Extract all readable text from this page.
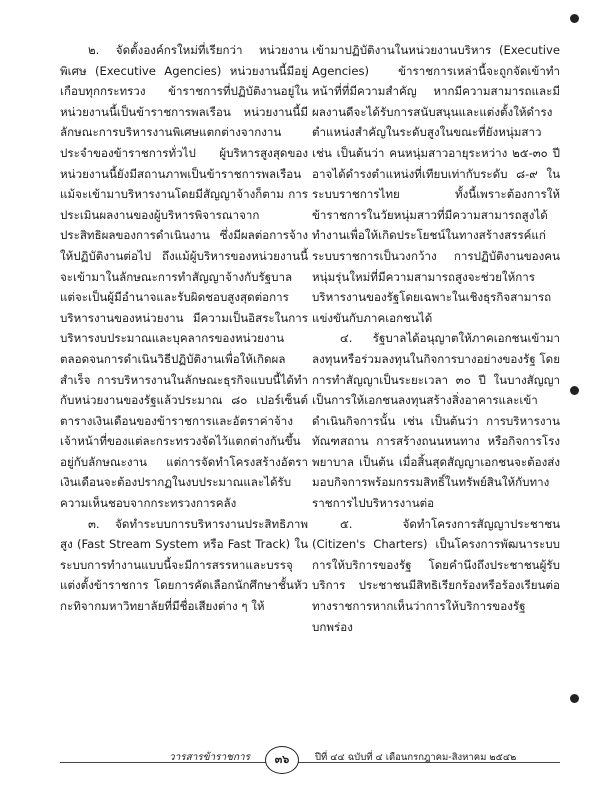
๒. จัดตั้งองค์กรใหม่ที่เรียกว่า หน่วยงานพิเศษ (Executive Agencies) หน่วยงานนี้มีอยู่เกือบทุกกระทรวง ข้าราชการที่ปฏิบัติงานอยู่ในหน่วยงานนี้เป็นข้าราชการพลเรือน หน่วยงานนี้มีลักษณะการบริหารงานพิเศษแตกต่างจากงานประจำของข้าราชการทั่วไป ผู้บริหารสูงสุดของหน่วยงานนี้ยังมีสถานภาพเป็นข้าราชการพลเรือน แม้จะเข้ามาบริหารงานโดยมีสัญญาจ้างก็ตาม การประเมินผลงานของผู้บริหารพิจารณาจากประสิทธิผลของการดำเนินงาน ซึ่งมีผลต่อการจ้างให้ปฏิบัติงานต่อไป ถึงแม้ผู้บริหารของหน่วยงานนี้จะเข้ามาในลักษณะการทำสัญญาจ้างกับรัฐบาล แต่จะเป็นผู้มีอำนาจและรับผิดชอบสูงสุดต่อการบริหารงานของหน่วยงาน มีความเป็นอิสระในการบริหารงบประมาณและบุคลากรของหน่วยงาน ตลอดจนการดำเนินวิธีปฏิบัติงานเพื่อให้เกิดผลสำเร็จ การบริหารงานในลักษณะธุรกิจแบบนี้ได้ทำกับหน่วยงานของรัฐแล้วประมาณ ๘๐ เปอร์เซ็นต์ ตารางเงินเดือนของข้าราชการและอัตราค่าจ้างเจ้าหน้าที่ของแต่ละกระทรวงจัดไว้แตกต่างกันขึ้นอยู่กับลักษณะงาน แต่การจัดทำโครงสร้างอัตราเงินเดือนจะต้องปรากฏในงบประมาณและได้รับความเห็นชอบจากกระทรวงการคลัง

๓. จัดทำระบบการบริหารงานประสิทธิภาพสูง (Fast Stream System หรือ Fast Track) ในระบบการทำงานแบบนี้จะมีการสรรหาและบรรจุแต่งตั้งข้าราชการ โดยการคัดเลือกนักศึกษาชั้นหัวกะทิจากมหาวิทยาลัยที่มีชื่อเสียงต่าง ๆ ให้

เข้ามาปฏิบัติงานในหน่วยงานบริหาร (Executive Agencies) ข้าราชการเหล่านี้จะถูกจัดเข้าทำหน้าที่ที่มีความสำคัญ หากมีความสามารถและมีผลงานดีจะได้รับการสนับสนุนและแต่งตั้งให้ดำรงตำแหน่งสำคัญในระดับสูงในขณะที่ยังหนุ่มสาว เช่น เป็นต้นว่า คนหนุ่มสาวอายุระหว่าง ๒๕-๓๐ ปี อาจได้ดำรงตำแหน่งที่เทียบเท่ากับระดับ ๘-๙ ในระบบราชการไทย ทั้งนี้เพราะต้องการให้ข้าราชการในวัยหนุ่มสาวที่มีความสามารถสูงได้ทำงานเพื่อให้เกิดประโยชน์ในทางสร้างสรรค์แก่ระบบราชการเป็นวงกว้าง การปฏิบัติงานของคนหนุ่มรุ่นใหม่ที่มีความสามารถสูงจะช่วยให้การบริหารงานของรัฐโดยเฉพาะในเชิงธุรกิจสามารถแข่งขันกับภาคเอกชนได้

๔. รัฐบาลได้อนุญาตให้ภาคเอกชนเข้ามาลงทุนหรือร่วมลงทุนในกิจการบางอย่างของรัฐ โดยการทำสัญญาเป็นระยะเวลา ๓๐ ปี ในบางสัญญาเป็นการให้เอกชนลงทุนสร้างสิ่งอาคารและเข้าดำเนินกิจการนั้น เช่น เป็นต้นว่า การบริหารงานทัณฑสถาน การสร้างถนนหนทาง หรือกิจการโรงพยาบาล เป็นต้น เมื่อสิ้นสุดสัญญาเอกชนจะต้องส่งมอบกิจการพร้อมกรรมสิทธิ์ในทรัพย์สินให้กับทางราชการไปบริหารงานต่อ

๕. จัดทำโครงการสัญญาประชาชน (Citizen's Charters) เป็นโครงการพัฒนาระบบการให้บริการของรัฐ โดยคำนึงถึงประชาชนผู้รับบริการ ประชาชนมีสิทธิเรียกร้องหรือร้องเรียนต่อทางราชการหากเห็นว่าการให้บริการของรัฐบกพร่อง

วารสารข้าราชการ	๓๖	ปีที่ ๔๔ ฉบับที่ ๔ เดือนกรกฎาคม-สิงหาคม ๒๕๔๒
